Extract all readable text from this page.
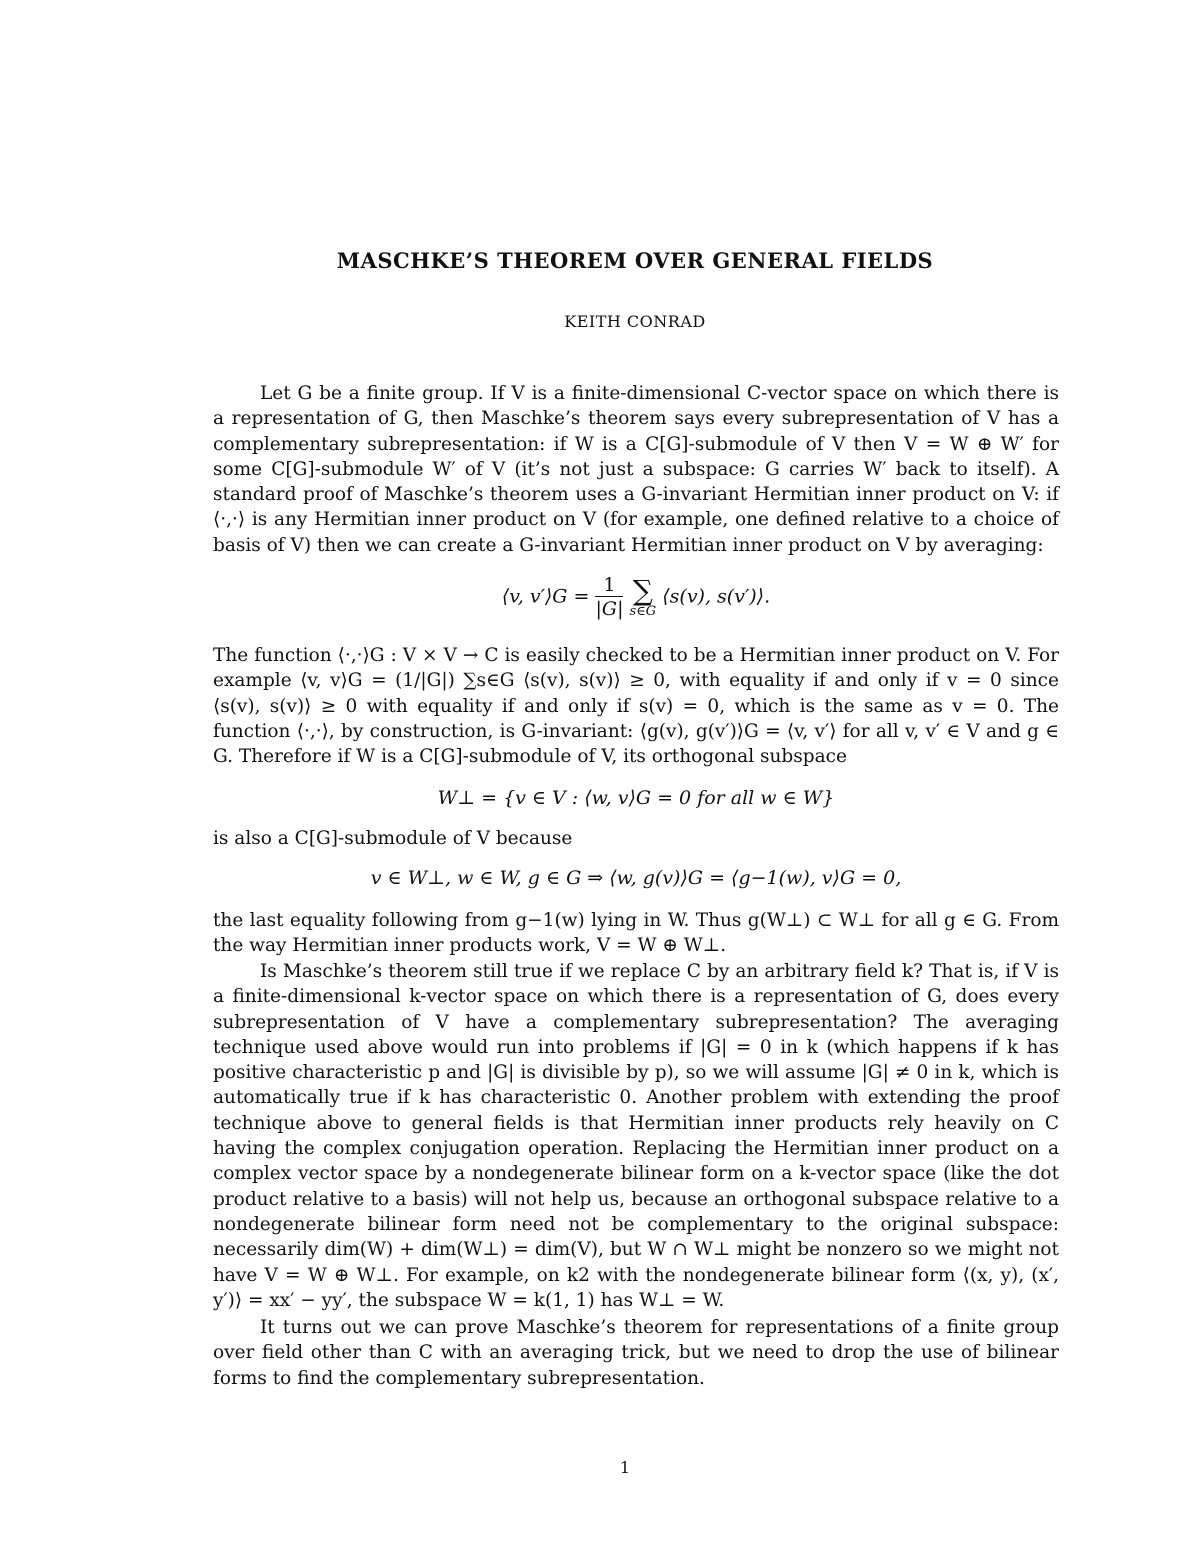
MASCHKE’S THEOREM OVER GENERAL FIELDS
KEITH CONRAD

Let G be a finite group. If V is a finite-dimensional C-vector space on which there is a representation of G, then Maschke’s theorem says every subrepresentation of V has a complementary subrepresentation: if W is a C[G]-submodule of V then V = W ⊕ W′ for some C[G]-submodule W′ of V (it’s not just a subspace: G carries W′ back to itself). A standard proof of Maschke’s theorem uses a G-invariant Hermitian inner product on V: if ⟨·,·⟩ is any Hermitian inner product on V (for example, one defined relative to a choice of basis of V) then we can create a G-invariant Hermitian inner product on V by averaging:

⟨v, v′⟩G = $\frac{1}{|G|}$
∑
s∈G
⟨s(v), s(v′)⟩.

The function ⟨·,·⟩G : V × V → C is easily checked to be a Hermitian inner product on V. For example ⟨v, v⟩G = (1/|G|) ∑s∈G ⟨s(v), s(v)⟩ ≥ 0, with equality if and only if v = 0 since ⟨s(v), s(v)⟩ ≥ 0 with equality if and only if s(v) = 0, which is the same as v = 0. The function ⟨·,·⟩, by construction, is G-invariant: ⟨g(v), g(v′)⟩G = ⟨v, v′⟩ for all v, v′ ∈ V and g ∈ G. Therefore if W is a C[G]-submodule of V, its orthogonal subspace

W⊥ = {v ∈ V : ⟨w, v⟩G = 0 for all w ∈ W}

is also a C[G]-submodule of V because

v ∈ W⊥, w ∈ W, g ∈ G ⇒ ⟨w, g(v)⟩G = ⟨g−1(w), v⟩G = 0,

the last equality following from g−1(w) lying in W. Thus g(W⊥) ⊂ W⊥ for all g ∈ G. From the way Hermitian inner products work, V = W ⊕ W⊥.

Is Maschke’s theorem still true if we replace C by an arbitrary field k? That is, if V is a finite-dimensional k-vector space on which there is a representation of G, does every subrepresentation of V have a complementary subrepresentation? The averaging technique used above would run into problems if |G| = 0 in k (which happens if k has positive characteristic p and |G| is divisible by p), so we will assume |G| ≠ 0 in k, which is automatically true if k has characteristic 0. Another problem with extending the proof technique above to general fields is that Hermitian inner products rely heavily on C having the complex conjugation operation. Replacing the Hermitian inner product on a complex vector space by a nondegenerate bilinear form on a k-vector space (like the dot product relative to a basis) will not help us, because an orthogonal subspace relative to a nondegenerate bilinear form need not be complementary to the original subspace: necessarily dim(W) + dim(W⊥) = dim(V), but W ∩ W⊥ might be nonzero so we might not have V = W ⊕ W⊥. For example, on k2 with the nondegenerate bilinear form ⟨(x, y), (x′, y′)⟩ = xx′ − yy′, the subspace W = k(1, 1) has W⊥ = W.

It turns out we can prove Maschke’s theorem for representations of a finite group over field other than C with an averaging trick, but we need to drop the use of bilinear forms to find the complementary subrepresentation.

1
